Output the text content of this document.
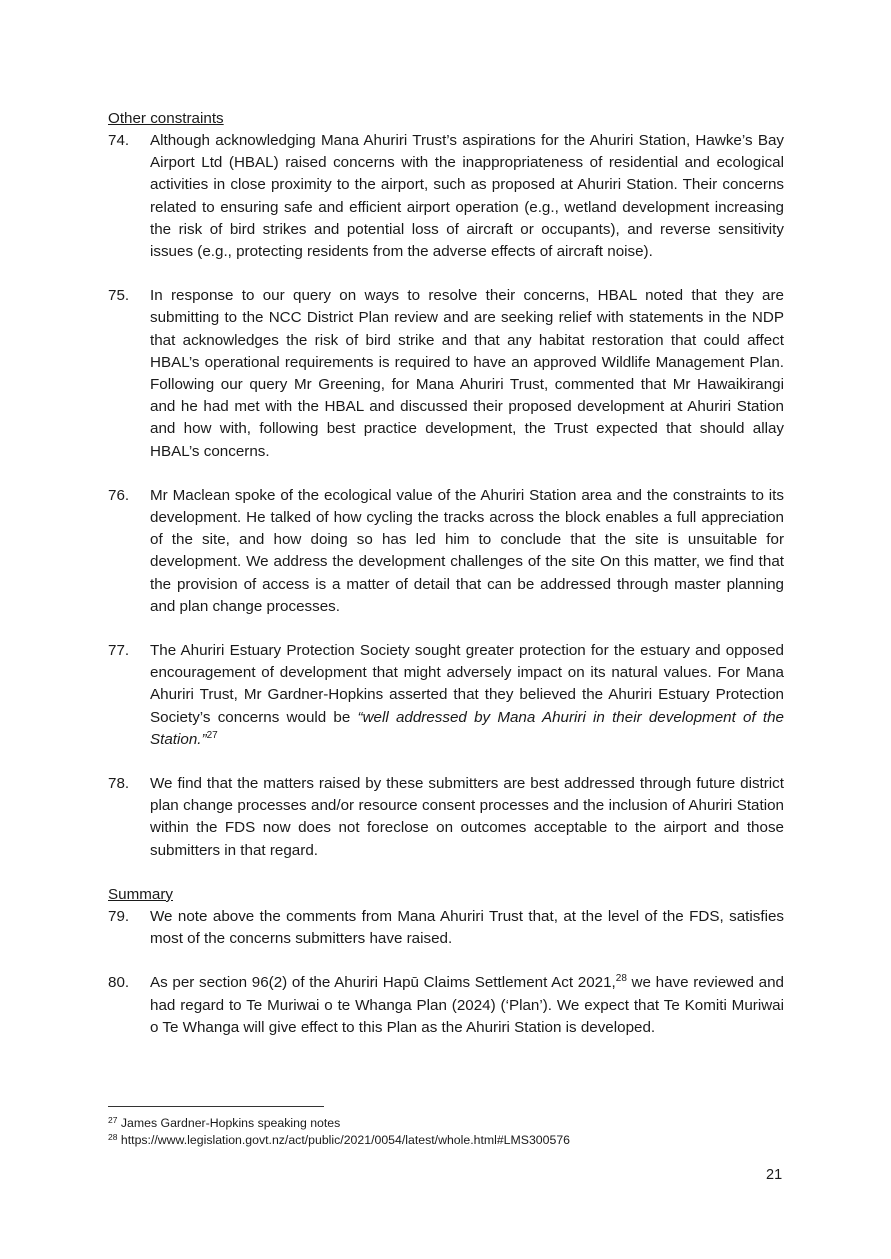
Other constraints

74.	Although acknowledging Mana Ahuriri Trust’s aspirations for the Ahuriri Station, Hawke’s Bay Airport Ltd (HBAL) raised concerns with the inappropriateness of residential and ecological activities in close proximity to the airport, such as proposed at Ahuriri Station. Their concerns related to ensuring safe and efficient airport operation (e.g., wetland development increasing the risk of bird strikes and potential loss of aircraft or occupants), and reverse sensitivity issues (e.g., protecting residents from the adverse effects of aircraft noise).
75.	In response to our query on ways to resolve their concerns, HBAL noted that they are submitting to the NCC District Plan review and are seeking relief with statements in the NDP that acknowledges the risk of bird strike and that any habitat restoration that could affect HBAL’s operational requirements is required to have an approved Wildlife Management Plan. Following our query Mr Greening, for Mana Ahuriri Trust, commented that Mr Hawaikirangi and he had met with the HBAL and discussed their proposed development at Ahuriri Station and how with, following best practice development, the Trust expected that should allay HBAL’s concerns.
76.	Mr Maclean spoke of the ecological value of the Ahuriri Station area and the constraints to its development. He talked of how cycling the tracks across the block enables a full appreciation of the site, and how doing so has led him to conclude that the site is unsuitable for development. We address the development challenges of the site On this matter, we find that the provision of access is a matter of detail that can be addressed through master planning and plan change processes.
77.	The Ahuriri Estuary Protection Society sought greater protection for the estuary and opposed encouragement of development that might adversely impact on its natural values. For Mana Ahuriri Trust, Mr Gardner-Hopkins asserted that they believed the Ahuriri Estuary Protection Society’s concerns would be “well addressed by Mana Ahuriri in their development of the Station.”$^{27}$
78.	We find that the matters raised by these submitters are best addressed through future district plan change processes and/or resource consent processes and the inclusion of Ahuriri Station within the FDS now does not foreclose on outcomes acceptable to the airport and those submitters in that regard.

Summary

79.	We note above the comments from Mana Ahuriri Trust that, at the level of the FDS, satisfies most of the concerns submitters have raised.
80.	As per section 96(2) of the Ahuriri Hapū Claims Settlement Act 2021,28 we have reviewed and had regard to Te Muriwai o te Whanga Plan (2024) (‘Plan’). We expect that Te Komiti Muriwai o Te Whanga will give effect to this Plan as the Ahuriri Station is developed.
$^{27}$ James Gardner-Hopkins speaking notes
$^{28}$ https://www.legislation.govt.nz/act/public/2021/0054/latest/whole.html#LMS300576
21
